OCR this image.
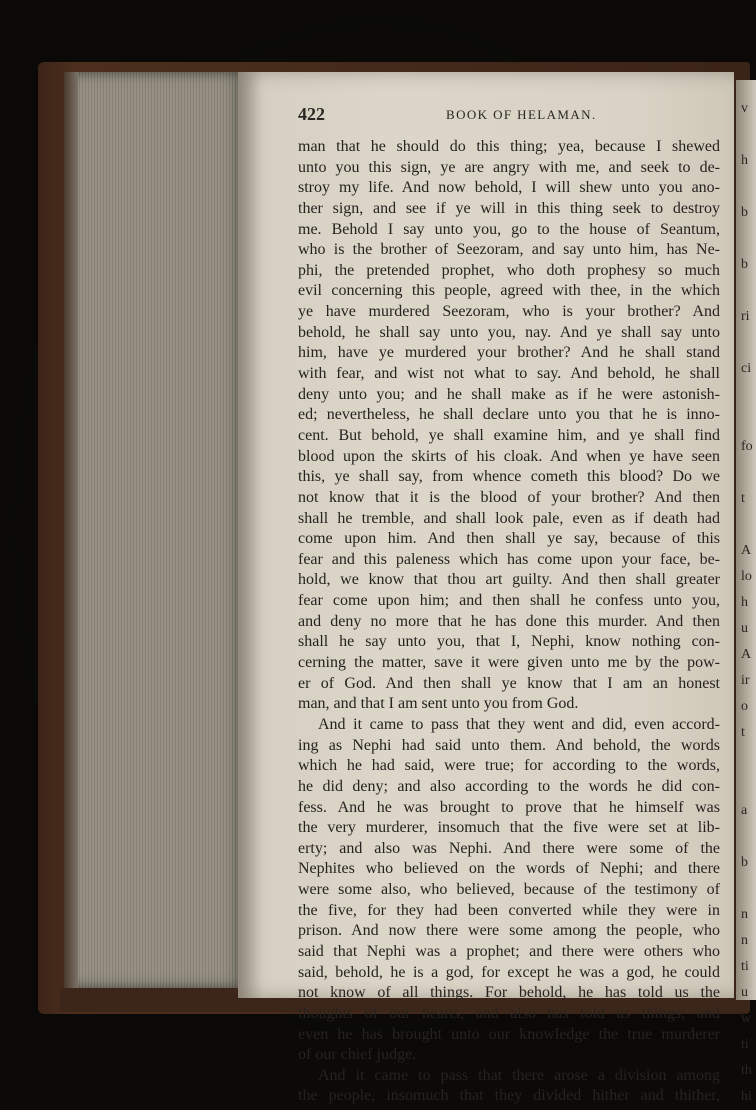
v
h
b
b
ri
ci
fo
t
A
lo
h
u
A
ir
o
t
a
b
n
n
ti
u
w
ti
th
hi
422	BOOK OF HELAMAN.
man that he should do this thing; yea, because I shewed
unto you this sign, ye are angry with me, and seek to de-
stroy my life. And now behold, I will shew unto you ano-
ther sign, and see if ye will in this thing seek to destroy
me. Behold I say unto you, go to the house of Seantum,
who is the brother of Seezoram, and say unto him, has Ne-
phi, the pretended prophet, who doth prophesy so much
evil concerning this people, agreed with thee, in the which
ye have murdered Seezoram, who is your brother? And
behold, he shall say unto you, nay. And ye shall say unto
him, have ye murdered your brother? And he shall stand
with fear, and wist not what to say. And behold, he shall
deny unto you; and he shall make as if he were astonish-
ed; nevertheless, he shall declare unto you that he is inno-
cent. But behold, ye shall examine him, and ye shall find
blood upon the skirts of his cloak. And when ye have seen
this, ye shall say, from whence cometh this blood? Do we
not know that it is the blood of your brother? And then
shall he tremble, and shall look pale, even as if death had
come upon him. And then shall ye say, because of this
fear and this paleness which has come upon your face, be-
hold, we know that thou art guilty. And then shall greater
fear come upon him; and then shall he confess unto you,
and deny no more that he has done this murder. And then
shall he say unto you, that I, Nephi, know nothing con-
cerning the matter, save it were given unto me by the pow-
er of God. And then shall ye know that I am an honest
man, and that I am sent unto you from God.
And it came to pass that they went and did, even accord-
ing as Nephi had said unto them. And behold, the words
which he had said, were true; for according to the words,
he did deny; and also according to the words he did con-
fess. And he was brought to prove that he himself was
the very murderer, insomuch that the five were set at lib-
erty; and also was Nephi. And there were some of the
Nephites who believed on the words of Nephi; and there
were some also, who believed, because of the testimony of
the five, for they had been converted while they were in
prison. And now there were some among the people, who
said that Nephi was a prophet; and there were others who
said, behold, he is a god, for except he was a god, he could
not know of all things. For behold, he has told us the
thoughts of our hearts, and also has told us things; and
even he has brought unto our knowledge the true murderer
of our chief judge.
And it came to pass that there arose a division among
the people, insomuch that they divided hither and thither,
